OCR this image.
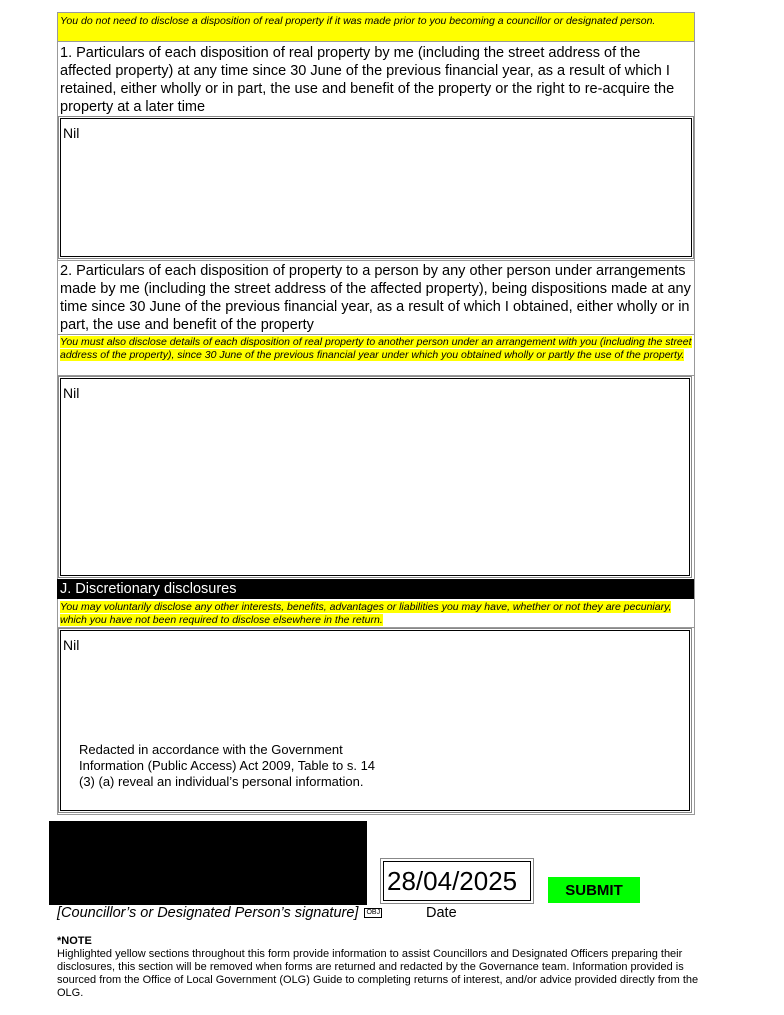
You do not need to disclose a disposition of real property if it was made prior to you becoming a councillor or designated person.
1. Particulars of each disposition of real property by me (including the street address of the affected property) at any time since 30 June of the previous financial year, as a result of which I retained, either wholly or in part, the use and benefit of the property or the right to re-acquire the property at a later time
Nil
2. Particulars of each disposition of property to a person by any other person under arrangements made by me (including the street address of the affected property), being dispositions made at any time since 30 June of the previous financial year, as a result of which I obtained, either wholly or in part, the use and benefit of the property
You must also disclose details of each disposition of real property to another person under an arrangement with you (including the street address of the property), since 30 June of the previous financial year under which you obtained wholly or partly the use of the property.
Nil
J. Discretionary disclosures
You may voluntarily disclose any other interests, benefits, advantages or liabilities you may have, whether or not they are pecuniary, which you have not been required to disclose elsewhere in the return.
Nil
Redacted in accordance with the Government Information (Public Access) Act 2009, Table to s. 14 (3) (a) reveal an individual’s personal information.
28/04/2025	SUBMIT
[Councillor’s or Designated Person’s signature] OBJ	Date
*NOTE
Highlighted yellow sections throughout this form provide information to assist Councillors and Designated Officers preparing their disclosures, this section will be removed when forms are returned and redacted by the Governance team. Information provided is sourced from the Office of Local Government (OLG) Guide to completing returns of interest, and/or advice provided directly from the OLG.
